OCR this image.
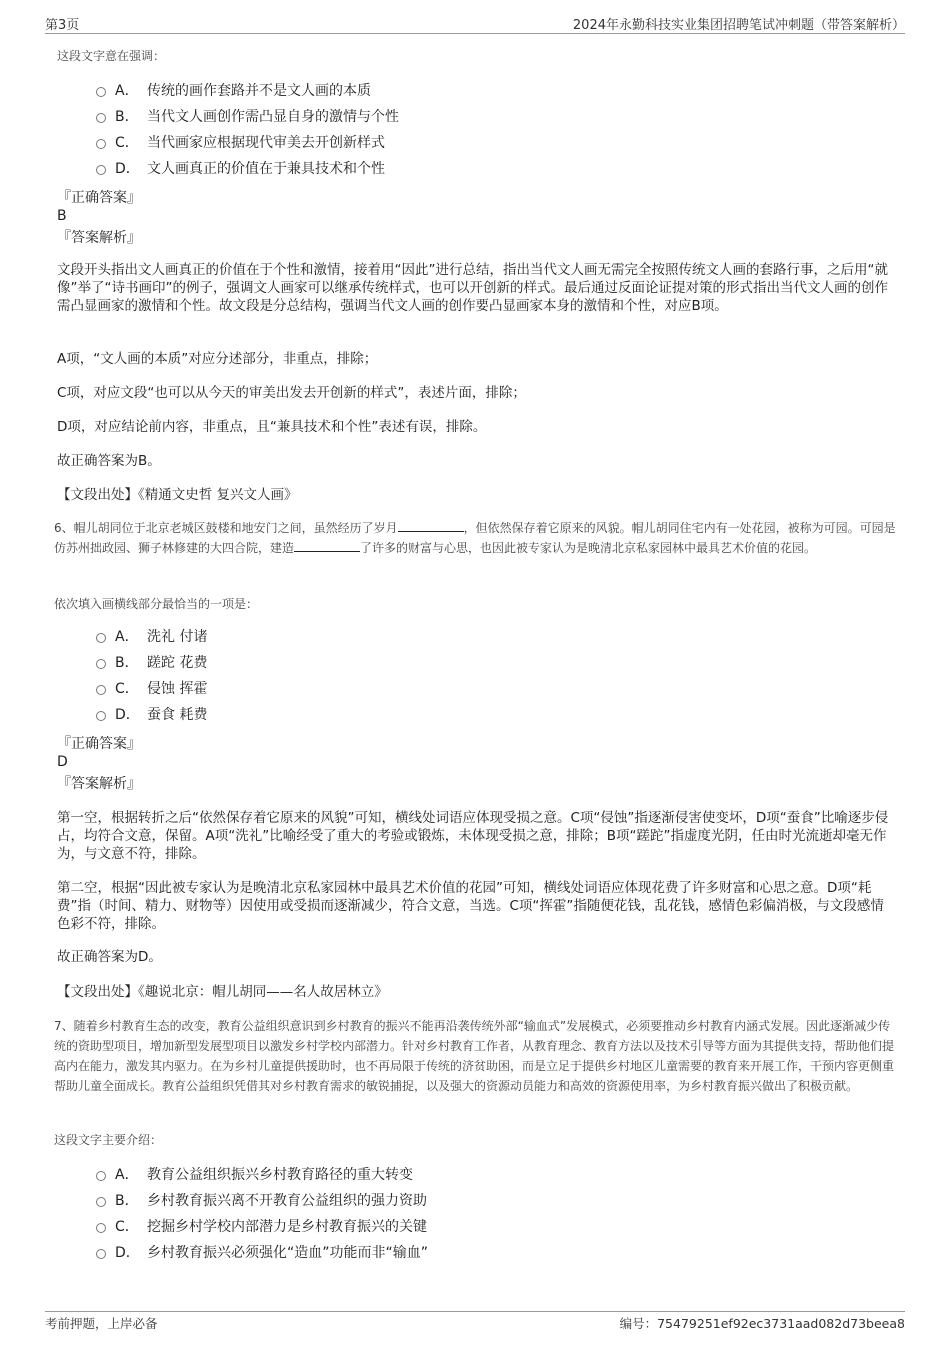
第3页	2024年永勤科技实业集团招聘笔试冲刺题（带答案解析）
这段文字意在强调：
A． 传统的画作套路并不是文人画的本质
B． 当代文人画创作需凸显自身的激情与个性
C． 当代画家应根据现代审美去开创新样式
D． 文人画真正的价值在于兼具技术和个性
『正确答案』
B
『答案解析』
文段开头指出文人画真正的价值在于个性和激情，接着用“因此”进行总结，指出当代文人画无需完全按照传统文人画的套路行事，之后用“就像”举了“诗书画印”的例子，强调文人画家可以继承传统样式，也可以开创新的样式。最后通过反面论证提对策的形式指出当代文人画的创作需凸显画家的激情和个性。故文段是分总结构，强调当代文人画的创作要凸显画家本身的激情和个性，对应B项。
A项，“文人画的本质”对应分述部分，非重点，排除；
C项，对应文段“也可以从今天的审美出发去开创新的样式”，表述片面，排除；
D项，对应结论前内容，非重点，且“兼具技术和个性”表述有误，排除。
故正确答案为B。
【文段出处】《精通文史哲 复兴文人画》
6、帽儿胡同位于北京老城区鼓楼和地安门之间，虽然经历了岁月	，但依然保存着它原来的风貌。帽儿胡同住宅内有一处花园，被称为可园。可园是仿苏州拙政园、狮子林修建的大四合院，建造	了许多的财富与心思，也因此被专家认为是晚清北京私家园林中最具艺术价值的花园。
依次填入画横线部分最恰当的一项是：
A． 洗礼 付诸
B． 蹉跎 花费
C． 侵蚀 挥霍
D． 蚕食 耗费
『正确答案』
D
『答案解析』
第一空，根据转折之后“依然保存着它原来的风貌”可知，横线处词语应体现受损之意。C项“侵蚀”指逐渐侵害使变坏，D项“蚕食”比喻逐步侵占，均符合文意，保留。A项“洗礼”比喻经受了重大的考验或锻炼，未体现受损之意，排除；B项“蹉跎”指虚度光阴，任由时光流逝却毫无作为，与文意不符，排除。
第二空，根据“因此被专家认为是晚清北京私家园林中最具艺术价值的花园”可知，横线处词语应体现花费了许多财富和心思之意。D项“耗费”指（时间、精力、财物等）因使用或受损而逐渐减少，符合文意，当选。C项“挥霍”指随便花钱，乱花钱，感情色彩偏消极，与文段感情色彩不符，排除。
故正确答案为D。
【文段出处】《趣说北京：帽儿胡同——名人故居林立》
7、随着乡村教育生态的改变，教育公益组织意识到乡村教育的振兴不能再沿袭传统外部“输血式”发展模式，必须要推动乡村教育内涵式发展。因此逐渐减少传统的资助型项目，增加新型发展型项目以激发乡村学校内部潜力。针对乡村教育工作者，从教育理念、教育方法以及技术引导等方面为其提供支持，帮助他们提高内在能力，激发其内驱力。在为乡村儿童提供援助时，也不再局限于传统的济贫助困，而是立足于提供乡村地区儿童需要的教育来开展工作，干预内容更侧重帮助儿童全面成长。教育公益组织凭借其对乡村教育需求的敏锐捕捉，以及强大的资源动员能力和高效的资源使用率，为乡村教育振兴做出了积极贡献。
这段文字主要介绍：
A． 教育公益组织振兴乡村教育路径的重大转变
B． 乡村教育振兴离不开教育公益组织的强力资助
C． 挖掘乡村学校内部潜力是乡村教育振兴的关键
D． 乡村教育振兴必须强化“造血”功能而非“输血”
考前押题，上岸必备	编号：75479251ef92ec3731aad082d73beea8
